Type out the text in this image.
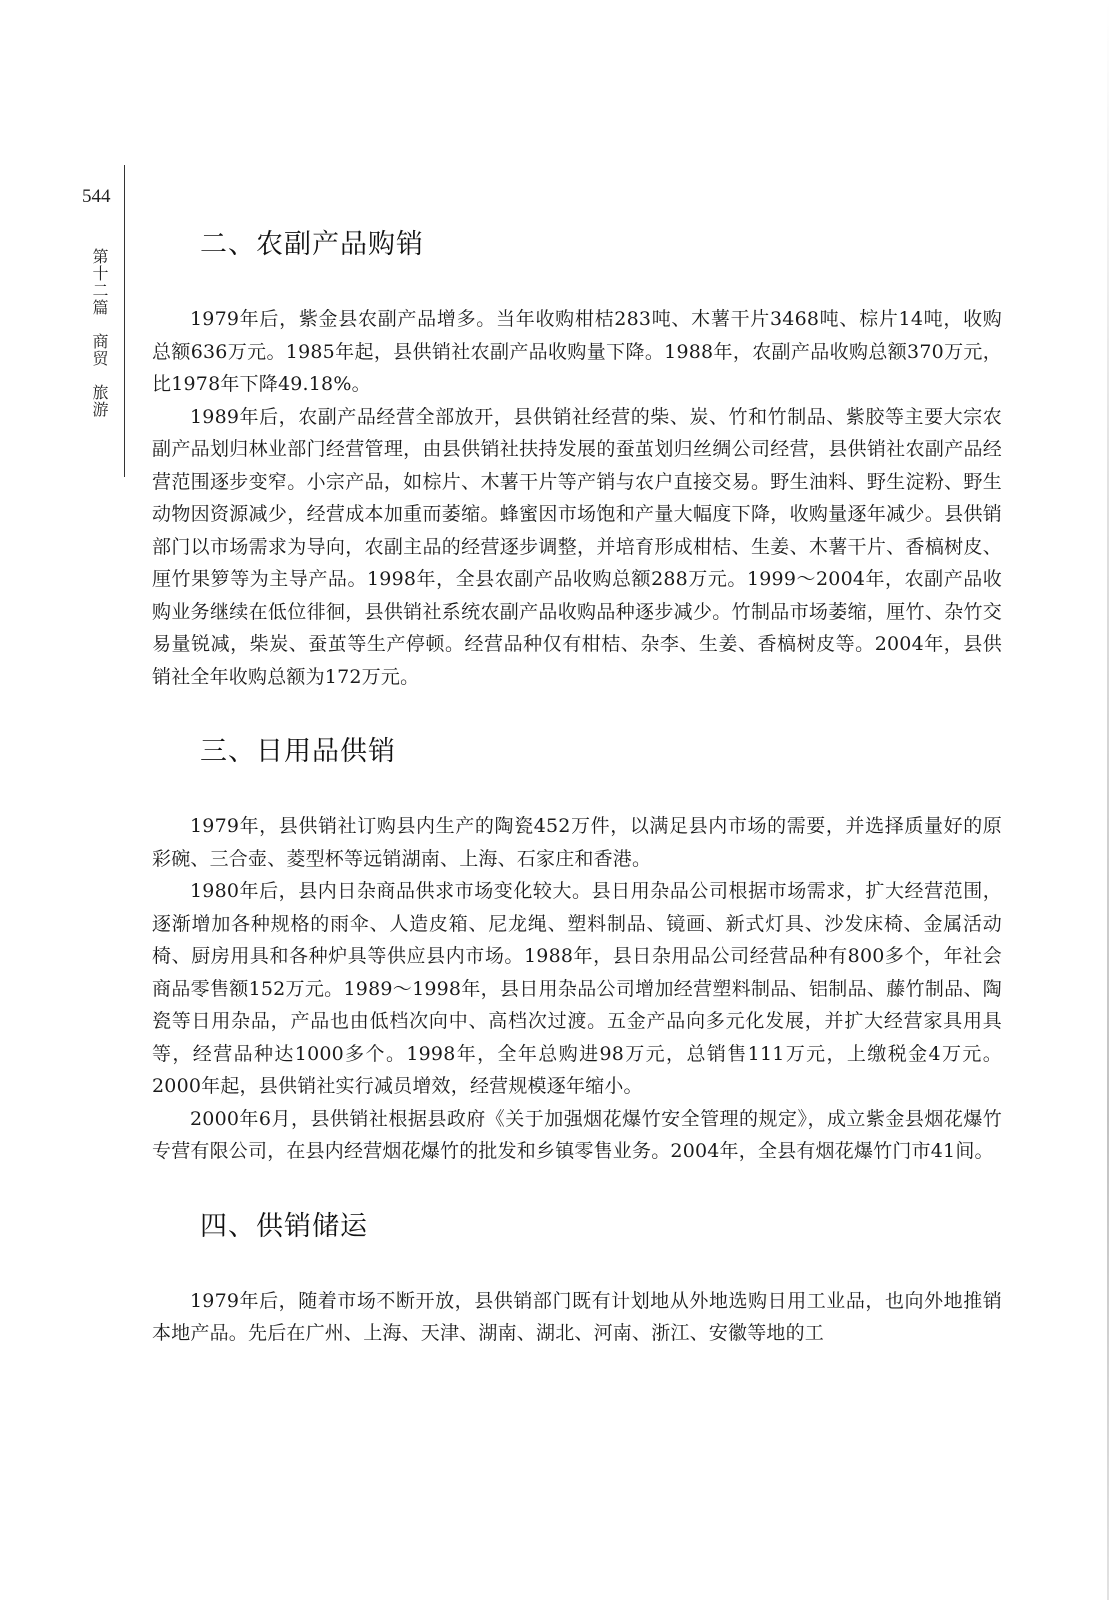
544
第十二篇　商贸　旅游
二、农副产品购销

1979年后，紫金县农副产品增多。当年收购柑桔283吨、木薯干片3468吨、棕片14吨，收购总额636万元。1985年起，县供销社农副产品收购量下降。1988年，农副产品收购总额370万元，比1978年下降49.18%。

1989年后，农副产品经营全部放开，县供销社经营的柴、炭、竹和竹制品、紫胶等主要大宗农副产品划归林业部门经营管理，由县供销社扶持发展的蚕茧划归丝绸公司经营，县供销社农副产品经营范围逐步变窄。小宗产品，如棕片、木薯干片等产销与农户直接交易。野生油料、野生淀粉、野生动物因资源减少，经营成本加重而萎缩。蜂蜜因市场饱和产量大幅度下降，收购量逐年减少。县供销部门以市场需求为导向，农副主品的经营逐步调整，并培育形成柑桔、生姜、木薯干片、香槁树皮、厘竹果箩等为主导产品。1998年，全县农副产品收购总额288万元。1999～2004年，农副产品收购业务继续在低位徘徊，县供销社系统农副产品收购品种逐步减少。竹制品市场萎缩，厘竹、杂竹交易量锐减，柴炭、蚕茧等生产停顿。经营品种仅有柑桔、杂李、生姜、香槁树皮等。2004年，县供销社全年收购总额为172万元。

三、日用品供销

1979年，县供销社订购县内生产的陶瓷452万件，以满足县内市场的需要，并选择质量好的原彩碗、三合壶、菱型杯等远销湖南、上海、石家庄和香港。

1980年后，县内日杂商品供求市场变化较大。县日用杂品公司根据市场需求，扩大经营范围，逐渐增加各种规格的雨伞、人造皮箱、尼龙绳、塑料制品、镜画、新式灯具、沙发床椅、金属活动椅、厨房用具和各种炉具等供应县内市场。1988年，县日杂用品公司经营品种有800多个，年社会商品零售额152万元。1989～1998年，县日用杂品公司增加经营塑料制品、铝制品、藤竹制品、陶瓷等日用杂品，产品也由低档次向中、高档次过渡。五金产品向多元化发展，并扩大经营家具用具等，经营品种达1000多个。1998年，全年总购进98万元，总销售111万元，上缴税金4万元。2000年起，县供销社实行减员增效，经营规模逐年缩小。

2000年6月，县供销社根据县政府《关于加强烟花爆竹安全管理的规定》，成立紫金县烟花爆竹专营有限公司，在县内经营烟花爆竹的批发和乡镇零售业务。2004年，全县有烟花爆竹门市41间。

四、供销储运

1979年后，随着市场不断开放，县供销部门既有计划地从外地选购日用工业品，也向外地推销本地产品。先后在广州、上海、天津、湖南、湖北、河南、浙江、安徽等地的工
